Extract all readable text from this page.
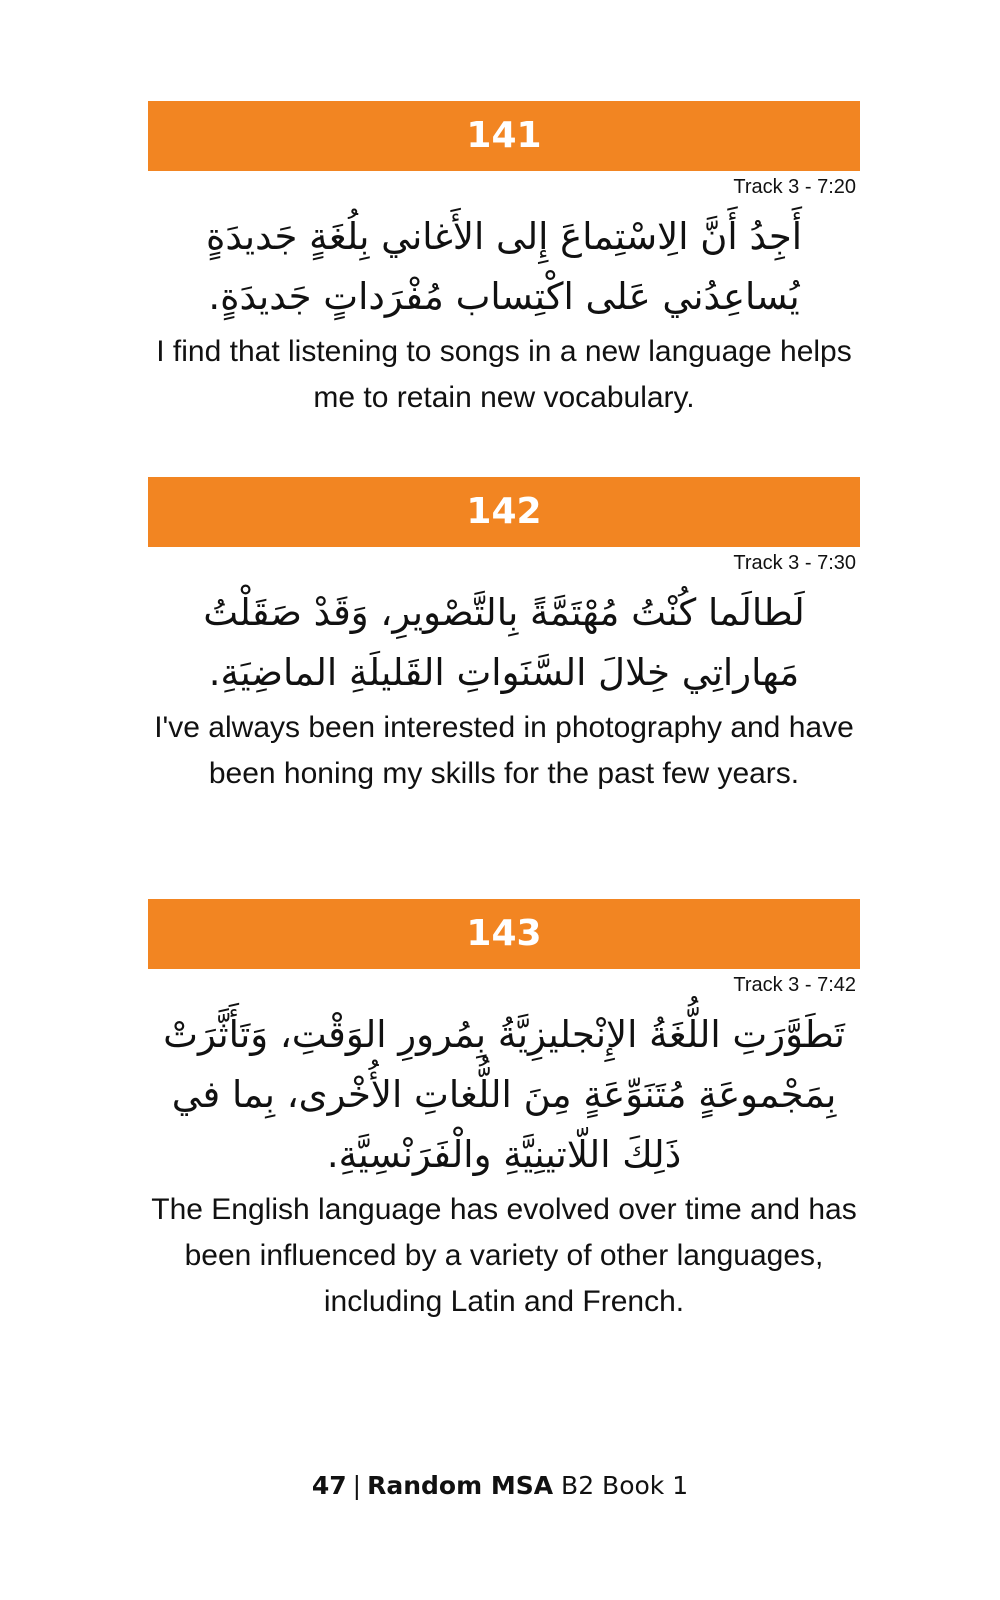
141
Track 3 - 7:20
أَجِدُ أَنَّ الِاسْتِماعَ إِلى الأَغاني بِلُغَةٍ جَديدَةٍ يُساعِدُني عَلى اكْتِساب مُفْرَداتٍ جَديدَةٍ.
I find that listening to songs in a new language helps me to retain new vocabulary.
142
Track 3 - 7:30
لَطالَما كُنْتُ مُهْتَمَّةً بِالتَّصْويرِ، وَقَدْ صَقَلْتُ مَهاراتِي خِلالَ السَّنَواتِ القَليلَةِ الماضِيَةِ.
I've always been interested in photography and have been honing my skills for the past few years.
143
Track 3 - 7:42
تَطَوَّرَتِ اللُّغَةُ الإِنْجليزِيَّةُ بِمُرورِ الوَقْتِ، وَتَأَثَّرَتْ بِمَجْموعَةٍ مُتَنَوِّعَةٍ مِنَ اللُّغاتِ الأُخْرى، بِما في ذَلِكَ اللّاتينِيَّةِ والْفَرَنْسِيَّةِ.
The English language has evolved over time and has been influenced by a variety of other languages, including Latin and French.
47 | Random MSA B2 Book 1
